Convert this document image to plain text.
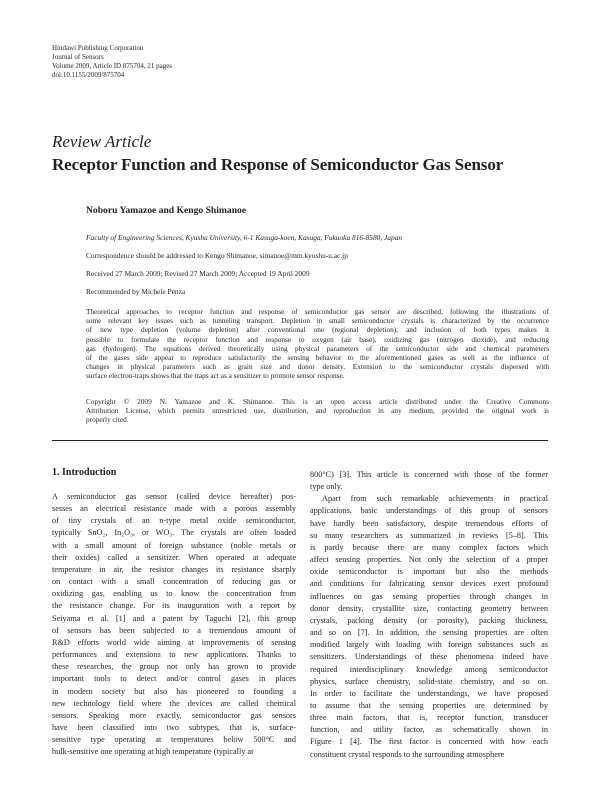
Hindawi Publishing Corporation
Journal of Sensors
Volume 2009, Article ID 875704, 21 pages
doi:10.1155/2009/875704
Review Article
Receptor Function and Response of Semiconductor Gas Sensor
Noboru Yamazoe and Kengo Shimanoe
Faculty of Engineering Sciences, Kyushu University, 6-1 Kasuga-koen, Kasuga, Fukuoka 816-8580, Japan
Correspondence should be addressed to Kengo Shimanoe, simanoe@mm.kyushu-u.ac.jp
Received 27 March 2009; Revised 27 March 2009; Accepted 19 April 2009
Recommended by Michele Penza

Theoretical approaches to receptor function and response of semiconductor gas sensor are described, following the illustrations of

some relevant key issues such as tunneling transport. Depletion in small semiconductor crystals is characterized by the occurrence

of new type depletion (volume depletion) after conventional one (regional depletion), and inclusion of both types makes it

possible to formulate the receptor function and response to oxygen (air base), oxidizing gas (nitrogen dioxide), and reducing

gas (hydrogen). The equations derived theoretically using physical parameters of the semiconductor side and chemical parameters

of the gases side appear to reproduce satisfactorily the sensing behavior to the aforementioned gases as well as the influence of

changes in physical parameters such as grain size and donor density. Extension to the semiconductor crystals dispersed with

surface electron-traps shows that the traps act as a sensitizer to promote sensor response.

Copyright © 2009 N. Yamazoe and K. Shimanoe. This is an open access article distributed under the Creative Commons

Attribution License, which permits unrestricted use, distribution, and reproduction in any medium, provided the original work is

properly cited.

1. Introduction

A semiconductor gas sensor (called device hereafter) pos-

sesses an electrical resistance made with a porous assembly

of tiny crystals of an n-type metal oxide semiconductor,

typically SnO₂, In₂O₃, or WO₃. The crystals are often loaded

with a small amount of foreign substance (noble metals or

their oxides) called a sensitizer. When operated at adequate

temperature in air, the resistor changes its resistance sharply

on contact with a small concentration of reducing gas or

oxidizing gas, enabling us to know the concentration from

the resistance change. For its inauguration with a report by

Seiyama et al. [1] and a patent by Taguchi [2], this group

of sensors has been subjected to a tremendous amount of

R&D efforts world wide aiming at improvements of sensing

performances and extensions to new applications. Thanks to

these researches, the group not only has grown to provide

important tools to detect and/or control gases in places

in modern society but also has pioneered to founding a

new technology field where the devices are called chemical

sensors. Speaking more exactly, semiconductor gas sensors

have been classified into two subtypes, that is, surface-

sensitive type operating at temperatures below 500°C and

bulk-sensitive one operating at high temperature (typically at

800°C) [3]. This article is concerned with those of the former

type only.

Apart from such remarkable achievements in practical

applications, basic understandings of this group of sensors

have hardly been satisfactory, despite tremendous efforts of

so many researchers as summarized in reviews [5–8]. This

is partly because there are many complex factors which

affect sensing properties. Not only the selection of a proper

oxide semiconductor is important but also the methods

and conditions for fabricating sensor devices exert profound

influences on gas sensing properties through changes in

donor density, crystallite size, contacting geometry between

crystals, packing density (or porosity), packing thickness,

and so on [7]. In addition, the sensing properties are often

modified largely with loading with foreign substances such as

sensitizers. Understandings of these phenomena indeed have

required interdisciplinary knowledge among semiconductor

physics, surface chemistry, solid-state chemistry, and so on.

In order to facilitate the understandings, we have proposed

to assume that the sensing properties are determined by

three main factors, that is, receptor function, transducer

function, and utility factor, as schematically shown in

Figure 1 [4]. The first factor is concerned with how each

constituent crystal responds to the surrounding atmosphere
